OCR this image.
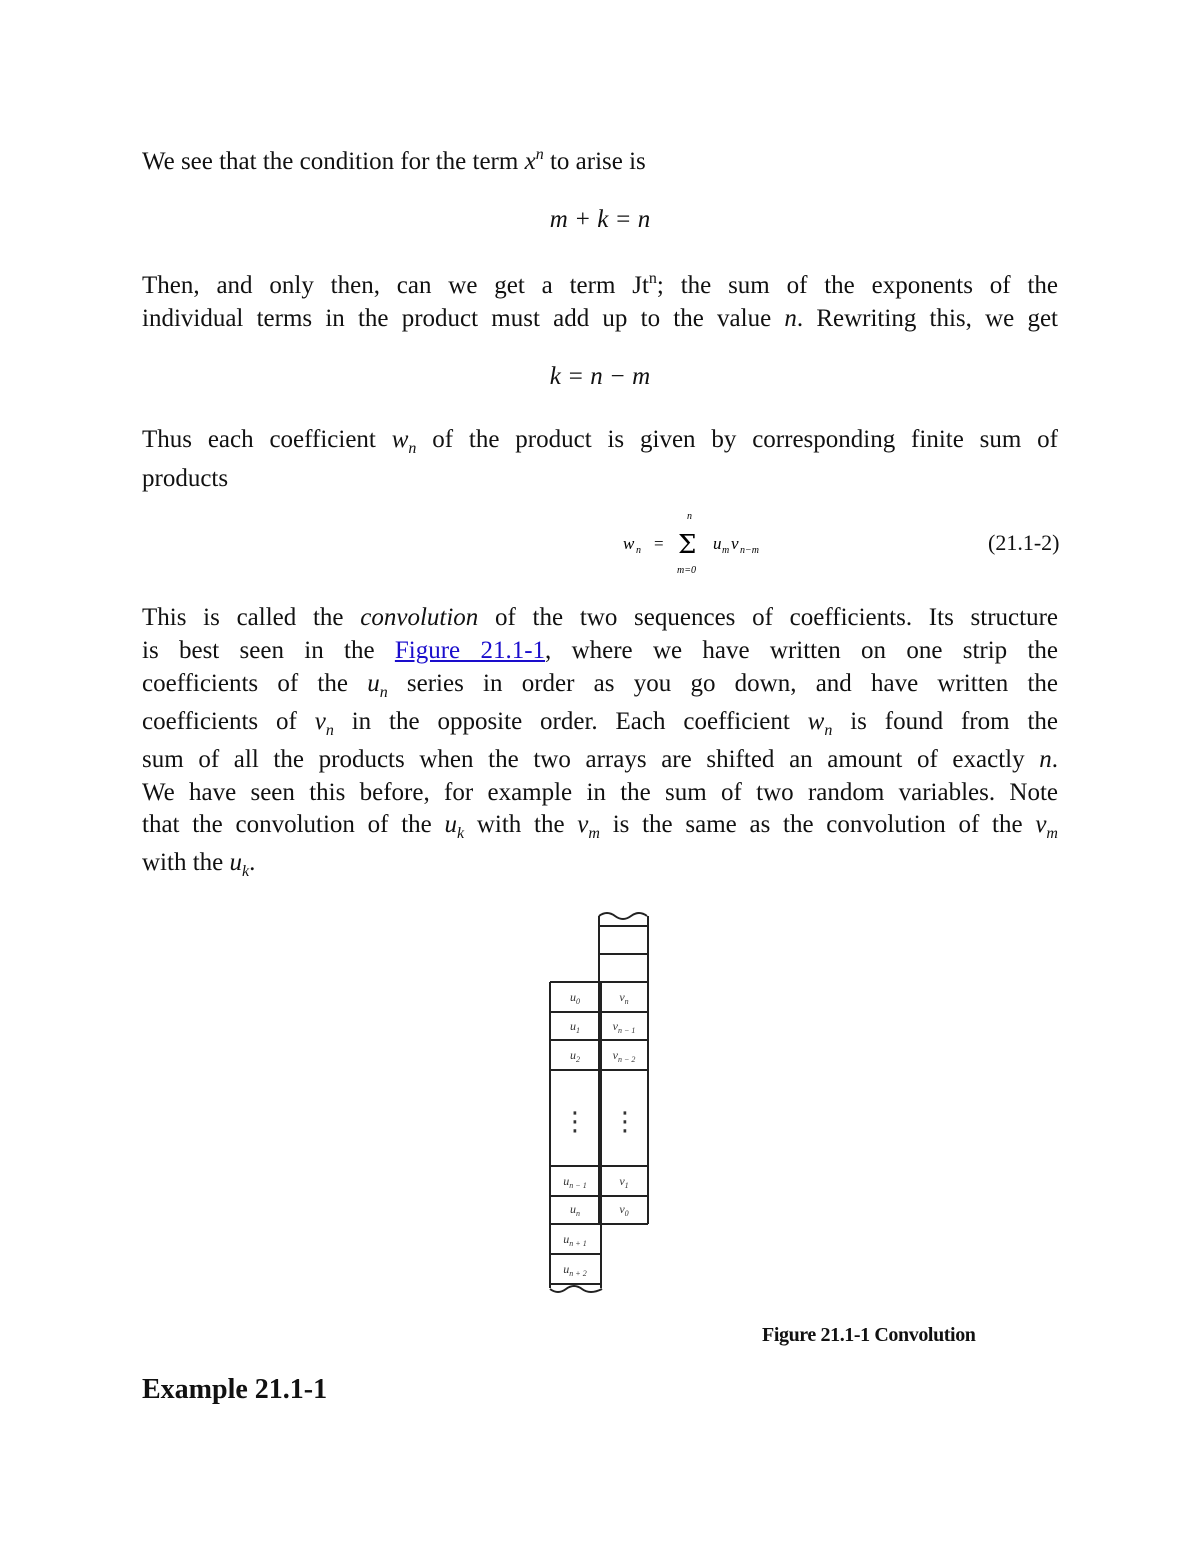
We see that the condition for the term $x^n$ to arise is

m + k = n

Then, and only then, can we get a term Jt$^n$; the sum of the exponents of the

individual terms in the product must add up to the value n. Rewriting this, we get

k = n − m

Thus each coefficient $w_n$ of the product is given by corresponding finite sum of

products

w n =
n
Σ
m=0
u m v n−m	(21.1-2)

This is called the convolution of the two sequences of coefficients. Its structure

is best seen in the Figure 21.1-1, where we have written on one strip the

coefficients of the $u_n$ series in order as you go down, and have written the

coefficients of $v_n$ in the opposite order. Each coefficient $w_n$ is found from the

sum of all the products when the two arrays are shifted an amount of exactly n.

We have seen this before, for example in the sum of two random variables. Note

that the convolution of the $u_k$ with the $v_m$ is the same as the convolution of the $v_m$

with the $u_k$.

$u_0$
$u_1$
$u_2$
$u_{n - 1}$
$u_n$
$u_{n + 1}$
$u_{n + 2}$
$v_n$
$v_{n - 1}$
$v_{n - 2}$
$v_1$
$v_0$
⋮ ⋮
Figure 21.1-1 Convolution

Example 21.1-1
